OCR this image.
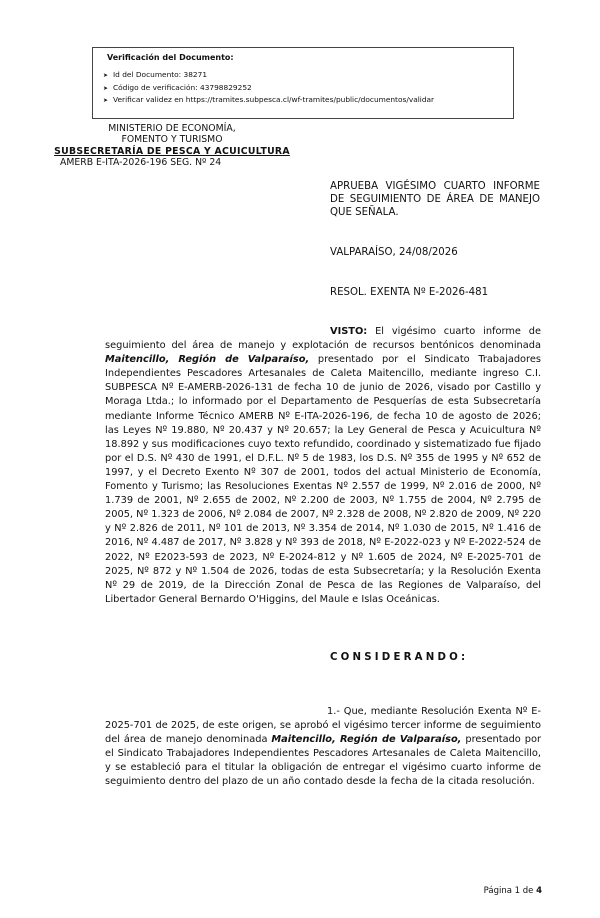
Verificación del Documento:
➤ Id del Documento: 38271
➤ Código de verificación: 43798829252
➤ Verificar validez en https://tramites.subpesca.cl/wf-tramites/public/documentos/validar
MINISTERIO DE ECONOMÍA,
FOMENTO Y TURISMO
SUBSECRETARÍA DE PESCA Y ACUICULTURA
AMERB E-ITA-2026-196 SEG. Nº 24
APRUEBA VIGÉSIMO CUARTO INFORME DE SEGUIMIENTO DE ÁREA DE MANEJO QUE SEÑALA.
VALPARAÍSO, 24/08/2026
RESOL. EXENTA Nº E-2026-481
VISTO: El vigésimo cuarto informe de seguimiento del área de manejo y explotación de recursos bentónicos denominada Maitencillo, Región de Valparaíso, presentado por el Sindicato Trabajadores Independientes Pescadores Artesanales de Caleta Maitencillo, mediante ingreso C.I. SUBPESCA Nº E-AMERB-2026-131 de fecha 10 de junio de 2026, visado por Castillo y Moraga Ltda.; lo informado por el Departamento de Pesquerías de esta Subsecretaría mediante Informe Técnico AMERB Nº E-ITA-2026-196, de fecha 10 de agosto de 2026; las Leyes Nº 19.880, Nº 20.437 y Nº 20.657; la Ley General de Pesca y Acuicultura Nº 18.892 y sus modificaciones cuyo texto refundido, coordinado y sistematizado fue fijado por el D.S. Nº 430 de 1991, el D.F.L. Nº 5 de 1983, los D.S. Nº 355 de 1995 y Nº 652 de 1997, y el Decreto Exento Nº 307 de 2001, todos del actual Ministerio de Economía, Fomento y Turismo; las Resoluciones Exentas Nº 2.557 de 1999, Nº 2.016 de 2000, Nº 1.739 de 2001, Nº 2.655 de 2002, Nº 2.200 de 2003, Nº 1.755 de 2004, Nº 2.795 de 2005, Nº 1.323 de 2006, Nº 2.084 de 2007, Nº 2.328 de 2008, Nº 2.820 de 2009, Nº 220 y Nº 2.826 de 2011, Nº 101 de 2013, Nº 3.354 de 2014, Nº 1.030 de 2015, Nº 1.416 de 2016, Nº 4.487 de 2017, Nº 3.828 y Nº 393 de 2018, Nº E-2022-023 y Nº E-2022-524 de 2022, Nº E2023-593 de 2023, Nº E-2024-812 y Nº 1.605 de 2024, Nº E-2025-701 de 2025, Nº 872 y Nº 1.504 de 2026, todas de esta Subsecretaría; y la Resolución Exenta Nº 29 de 2019, de la Dirección Zonal de Pesca de las Regiones de Valparaíso, del Libertador General Bernardo O'Higgins, del Maule e Islas Oceánicas.
CONSIDERANDO:
1.- Que, mediante Resolución Exenta Nº E-2025-701 de 2025, de este origen, se aprobó el vigésimo tercer informe de seguimiento del área de manejo denominada Maitencillo, Región de Valparaíso, presentado por el Sindicato Trabajadores Independientes Pescadores Artesanales de Caleta Maitencillo, y se estableció para el titular la obligación de entregar el vigésimo cuarto informe de seguimiento dentro del plazo de un año contado desde la fecha de la citada resolución.
Página 1 de 4
